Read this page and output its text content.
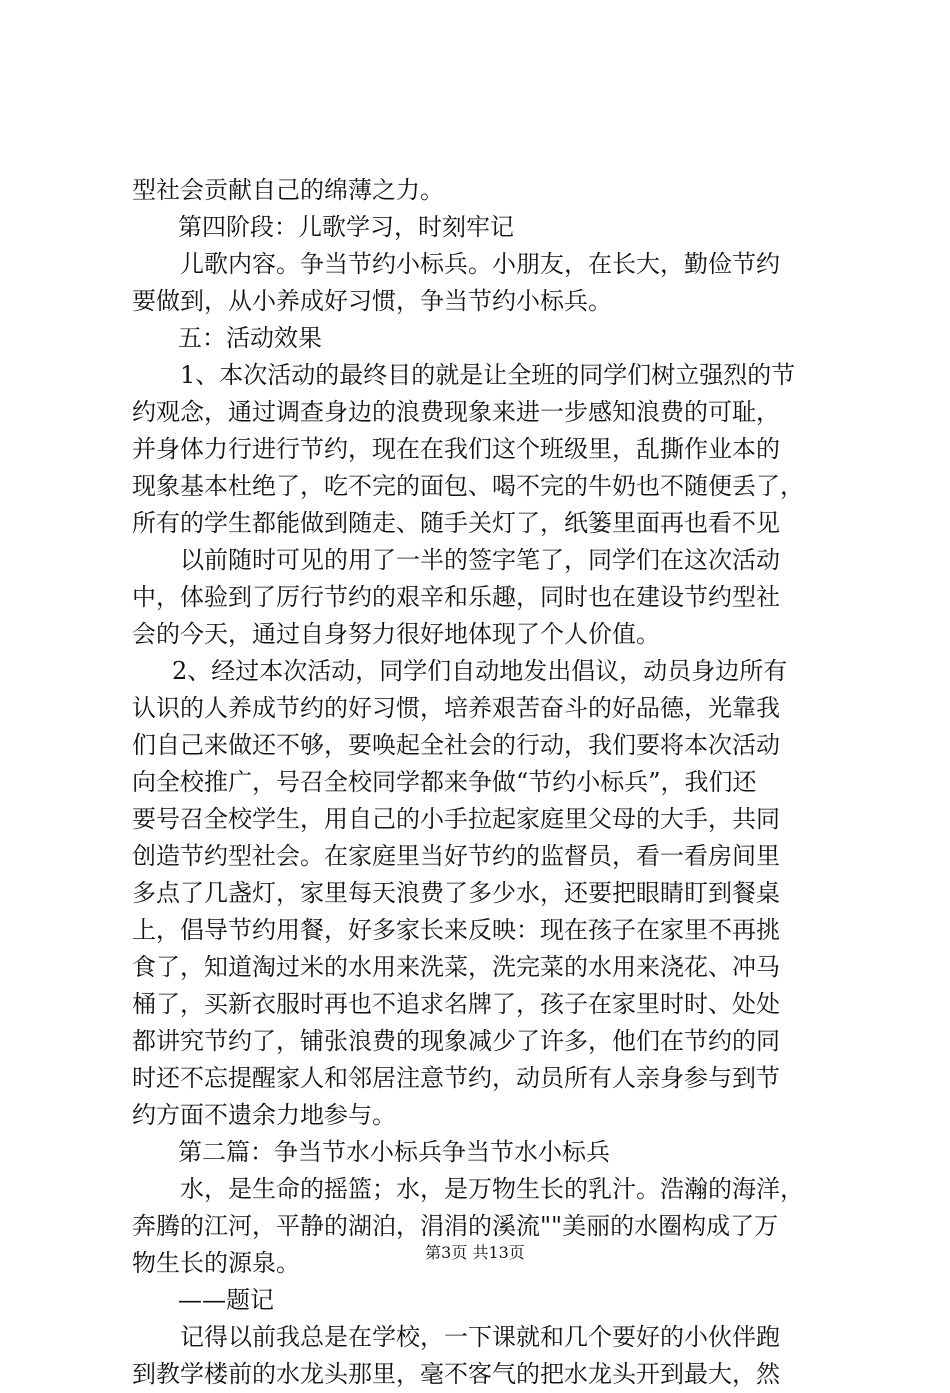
型社会贡献自己的绵薄之力。
第四阶段：儿歌学习，时刻牢记
儿歌内容。争当节约小标兵。小朋友，在长大，勤俭节约
要做到，从小养成好习惯，争当节约小标兵。
五：活动效果
1、本次活动的最终目的就是让全班的同学们树立强烈的节
约观念，通过调查身边的浪费现象来进一步感知浪费的可耻，
并身体力行进行节约，现在在我们这个班级里，乱撕作业本的
现象基本杜绝了，吃不完的面包、喝不完的牛奶也不随便丢了，
所有的学生都能做到随走、随手关灯了，纸篓里面再也看不见
以前随时可见的用了一半的签字笔了，同学们在这次活动
中，体验到了厉行节约的艰辛和乐趣，同时也在建设节约型社
会的今天，通过自身努力很好地体现了个人价值。
2、经过本次活动，同学们自动地发出倡议，动员身边所有
认识的人养成节约的好习惯，培养艰苦奋斗的好品德，光靠我
们自己来做还不够，要唤起全社会的行动，我们要将本次活动
向全校推广，号召全校同学都来争做“节约小标兵”，我们还
要号召全校学生，用自己的小手拉起家庭里父母的大手，共同
创造节约型社会。在家庭里当好节约的监督员，看一看房间里
多点了几盏灯，家里每天浪费了多少水，还要把眼睛盯到餐桌
上，倡导节约用餐，好多家长来反映：现在孩子在家里不再挑
食了，知道淘过米的水用来洗菜，洗完菜的水用来浇花、冲马
桶了，买新衣服时再也不追求名牌了，孩子在家里时时、处处
都讲究节约了，铺张浪费的现象减少了许多，他们在节约的同
时还不忘提醒家人和邻居注意节约，动员所有人亲身参与到节
约方面不遗余力地参与。
第二篇：争当节水小标兵争当节水小标兵
水，是生命的摇篮；水，是万物生长的乳汁。浩瀚的海洋，
奔腾的江河，平静的湖泊，涓涓的溪流""美丽的水圈构成了万
物生长的源泉。
——题记
记得以前我总是在学校，一下课就和几个要好的小伙伴跑
到教学楼前的水龙头那里，毫不客气的把水龙头开到最大，然
第3页 共13页
